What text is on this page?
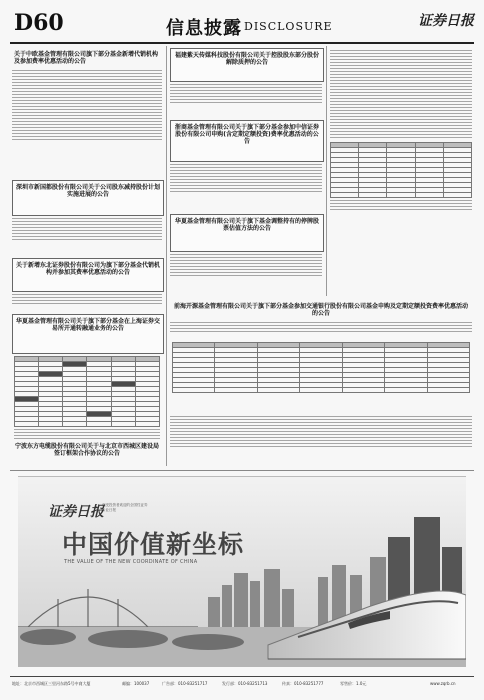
D60	信息披露 DISCLOSURE	证券日报
关于中欧基金管理有限公司旗下部分基金新增代销机构及参加费率优惠活动的公告
深圳市新国都股份有限公司关于公司股东减持股份计划实施进展的公告
关于新增东北证券股份有限公司为旗下部分基金代销机构并参加其费率优惠活动的公告
华夏基金管理有限公司关于旗下部分基金在上海证券交易所开通转融通业务的公告

福建紫天传媒科技股份有限公司关于控股股东部分股份解除质押的公告
浙商基金管理有限公司关于旗下部分基金参加中信证券股份有限公司申购(含定期定额投资)费率优惠活动的公告
华夏基金管理有限公司关于旗下基金调整持有的停牌股票估值方法的公告

前海开源基金管理有限公司关于旗下部分基金参加交通银行股份有限公司基金申购及定期定额投资费率优惠活动的公告

宁波东方电缆股份有限公司关于与北京市西城区建设局签订框架合作协议的公告
证券日报
深受投资者欢迎的全国性证券专业日报
中国价值新坐标
THE VALUE OF THE NEW COORDINATE OF CHINA
地址：北京市西城区三里河东路5号中商大厦	邮编：100037	广告部：010-83251717	发行部：010-83251713	传真：010-83251777	零售价：1.0元	www.zqrb.cn
